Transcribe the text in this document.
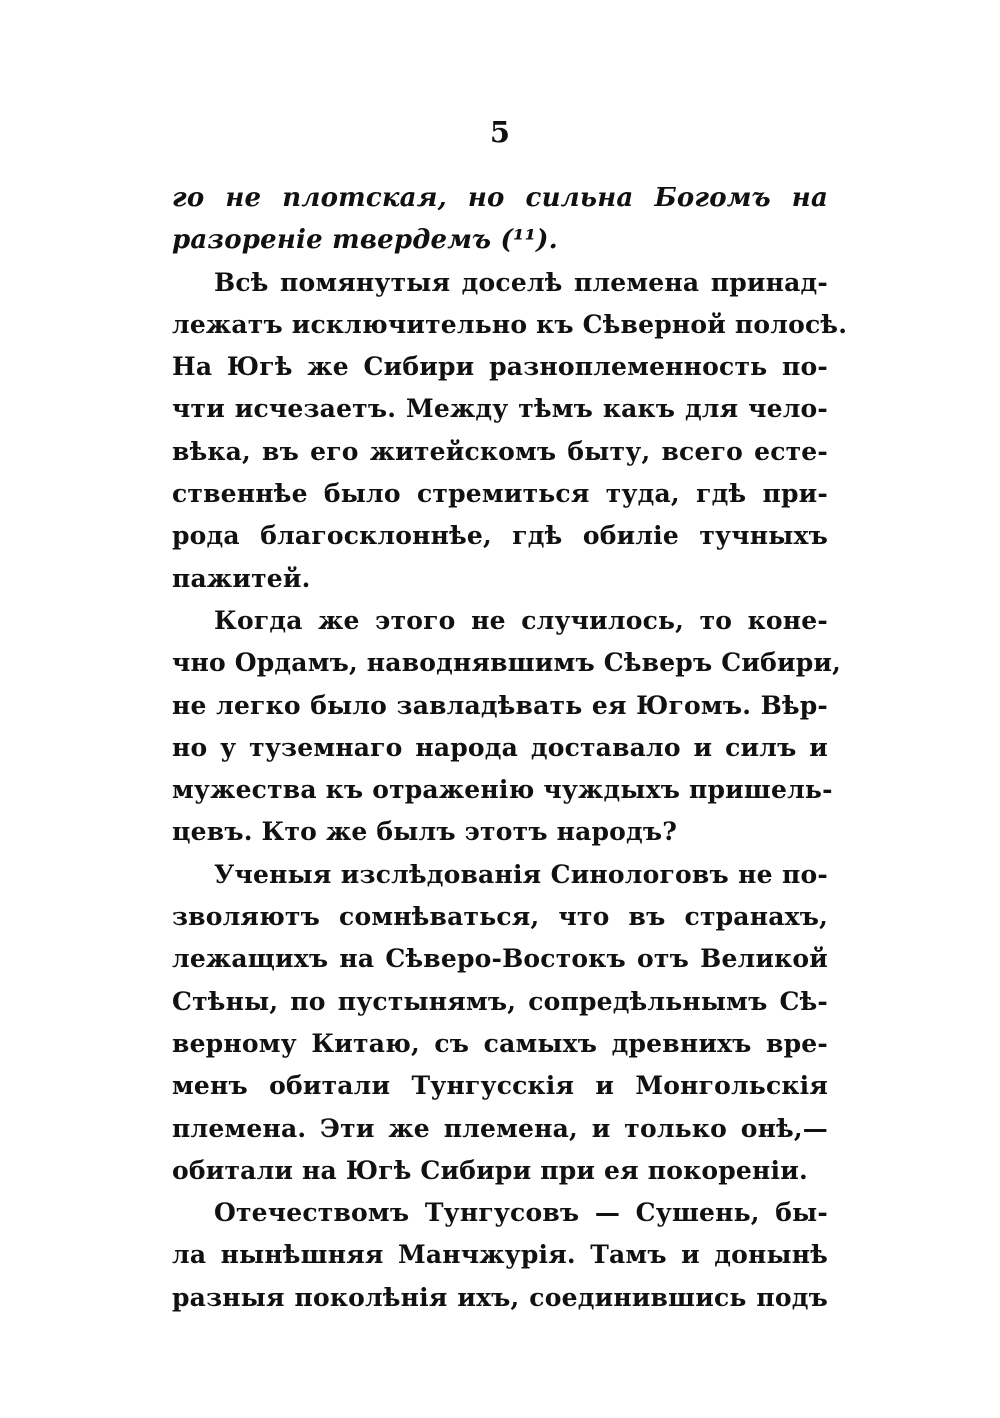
5
го не плотская, но сильна Богомъ на
разоренiе твердемъ (¹¹).
Всѣ помянутыя доселѣ племена принад-
лежатъ исключительно къ Сѣверной полосѣ.
На Югѣ же Сибири разноплеменность по-
чти исчезаетъ. Между тѣмъ какъ для чело-
вѣка, въ его житейскомъ быту, всего есте-
ственнѣе было стремиться туда, гдѣ при-
рода благосклоннѣе, гдѣ обилiе тучныхъ
пажитей.
Когда же этого не случилось, то коне-
чно Ордамъ, наводнявшимъ Сѣверъ Сибири,
не легко было завладѣвать ея Югомъ. Вѣр-
но у туземнаго народа доставало и силъ и
мужества къ отраженiю чуждыхъ пришель-
цевъ. Кто же былъ этотъ народъ?
Ученыя изслѣдованiя Синологовъ не по-
зволяютъ сомнѣваться, что въ странахъ,
лежащихъ на Сѣверо-Востокъ отъ Великой
Стѣны, по пустынямъ, сопредѣльнымъ Сѣ-
верному Китаю, съ самыхъ древнихъ вре-
менъ обитали Тунгусскiя и Монгольскiя
племена. Эти же племена, и только онѣ,—
обитали на Югѣ Сибири при ея покоренiи.
Отечествомъ Тунгусовъ — Сушень, бы-
ла нынѣшняя Манчжурiя. Тамъ и донынѣ
разныя поколѣнiя ихъ, соединившись подъ
